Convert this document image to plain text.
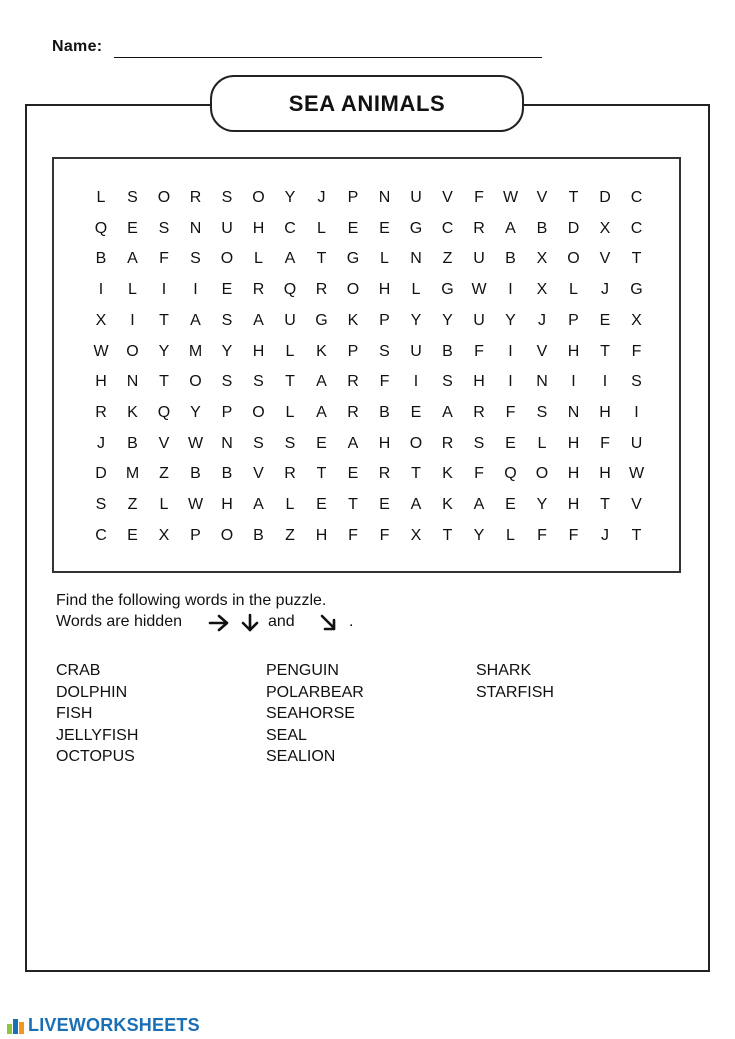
Name:
SEA ANIMALS
L	S	O	R	S	O	Y	J	P	N	U	V	F	W	V	T	D	C
Q	E	S	N	U	H	C	L	E	E	G	C	R	A	B	D	X	C
B	A	F	S	O	L	A	T	G	L	N	Z	U	B	X	O	V	T
I	L	I	I	E	R	Q	R	O	H	L	G	W	I	X	L	J	G
X	I	T	A	S	A	U	G	K	P	Y	Y	U	Y	J	P	E	X
W	O	Y	M	Y	H	L	K	P	S	U	B	F	I	V	H	T	F
H	N	T	O	S	S	T	A	R	F	I	S	H	I	N	I	I	S
R	K	Q	Y	P	O	L	A	R	B	E	A	R	F	S	N	H	I
J	B	V	W	N	S	S	E	A	H	O	R	S	E	L	H	F	U
D	M	Z	B	B	V	R	T	E	R	T	K	F	Q	O	H	H	W
S	Z	L	W	H	A	L	E	T	E	A	K	A	E	Y	H	T	V
C	E	X	P	O	B	Z	H	F	F	X	T	Y	L	F	F	J	T
Find the following words in the puzzle.
Words are hidden	and	.
CRAB
DOLPHIN
FISH
JELLYFISH
OCTOPUS
PENGUIN
POLARBEAR
SEAHORSE
SEAL
SEALION
SHARK
STARFISH
LIVEWORKSHEETS
